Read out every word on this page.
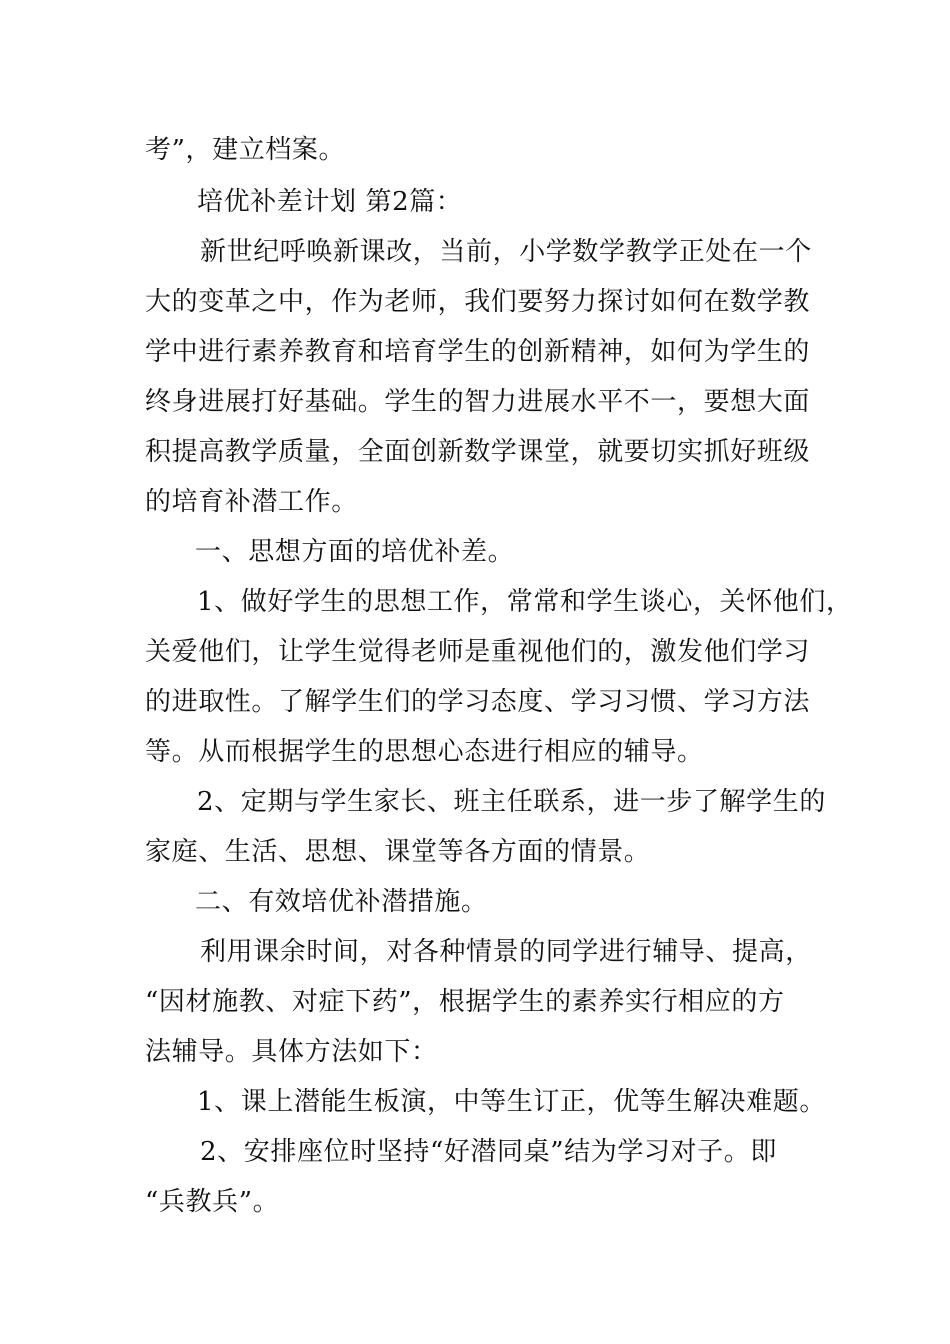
考”，建立档案。
培优补差计划 第2篇：
新世纪呼唤新课改，当前，小学数学教学正处在一个
大的变革之中，作为老师，我们要努力探讨如何在数学教
学中进行素养教育和培育学生的创新精神，如何为学生的
终身进展打好基础。学生的智力进展水平不一，要想大面
积提高教学质量，全面创新数学课堂，就要切实抓好班级
的培育补潜工作。
一、思想方面的培优补差。
1、做好学生的思想工作，常常和学生谈心，关怀他们，
关爱他们，让学生觉得老师是重视他们的，激发他们学习
的进取性。了解学生们的学习态度、学习习惯、学习方法
等。从而根据学生的思想心态进行相应的辅导。
2、定期与学生家长、班主任联系，进一步了解学生的
家庭、生活、思想、课堂等各方面的情景。
二、有效培优补潜措施。
利用课余时间，对各种情景的同学进行辅导、提高，
“因材施教、对症下药”，根据学生的素养实行相应的方
法辅导。具体方法如下：
1、课上潜能生板演，中等生订正，优等生解决难题。
2、安排座位时坚持“好潜同桌”结为学习对子。即
“兵教兵”。
